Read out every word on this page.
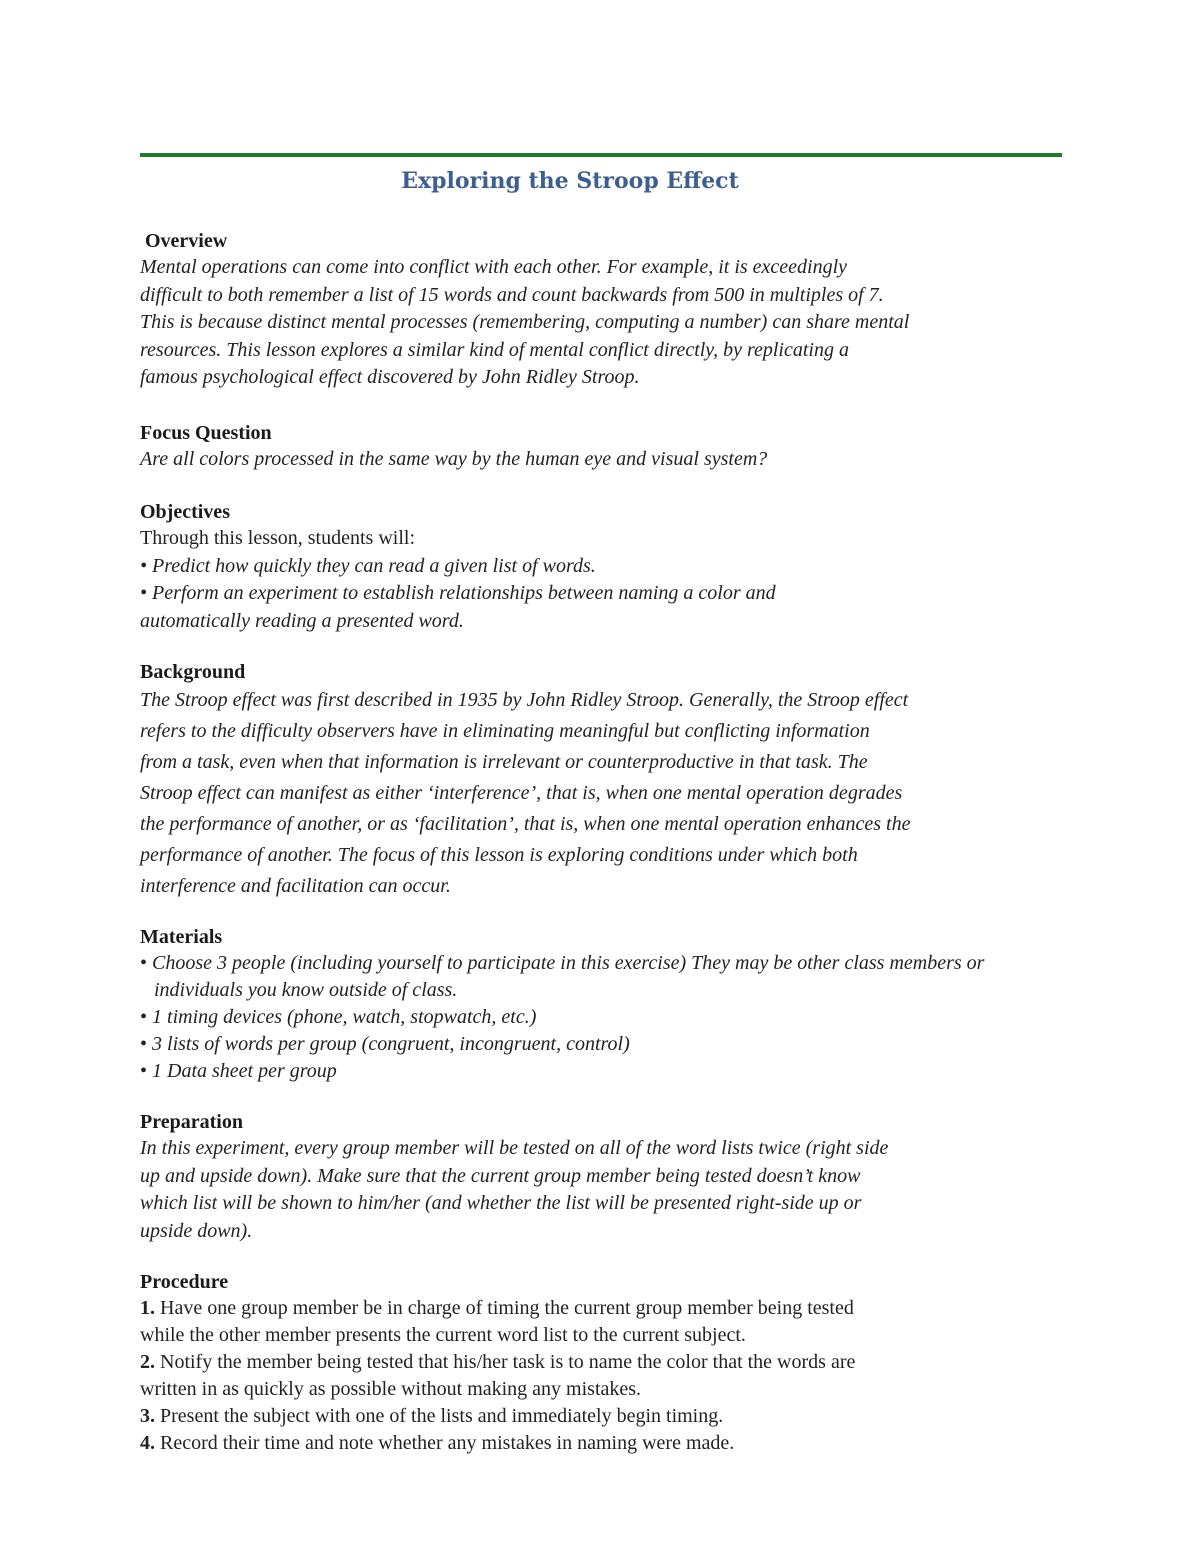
Exploring the Stroop Effect
Overview

Mental operations can come into conflict with each other. For example, it is exceedingly
difficult to both remember a list of 15 words and count backwards from 500 in multiples of 7.
This is because distinct mental processes (remembering, computing a number) can share mental
resources. This lesson explores a similar kind of mental conflict directly, by replicating a
famous psychological effect discovered by John Ridley Stroop.

Focus Question

Are all colors processed in the same way by the human eye and visual system?

Objectives

Through this lesson, students will:

• Predict how quickly they can read a given list of words.
• Perform an experiment to establish relationships between naming a color and
automatically reading a presented word.

Background

The Stroop effect was first described in 1935 by John Ridley Stroop. Generally, the Stroop effect
refers to the difficulty observers have in eliminating meaningful but conflicting information
from a task, even when that information is irrelevant or counterproductive in that task. The
Stroop effect can manifest as either ‘interference’, that is, when one mental operation degrades
the performance of another, or as ‘facilitation’, that is, when one mental operation enhances the
performance of another. The focus of this lesson is exploring conditions under which both
interference and facilitation can occur.

Materials
• Choose 3 people (including yourself to participate in this exercise) They may be other class members or individuals you know outside of class.
• 1 timing devices (phone, watch, stopwatch, etc.)
• 3 lists of words per group (congruent, incongruent, control)
• 1 Data sheet per group
Preparation

In this experiment, every group member will be tested on all of the word lists twice (right side
up and upside down). Make sure that the current group member being tested doesn’t know
which list will be shown to him/her (and whether the list will be presented right-side up or
upside down).

Procedure
1. Have one group member be in charge of timing the current group member being tested
while the other member presents the current word list to the current subject.
2. Notify the member being tested that his/her task is to name the color that the words are
written in as quickly as possible without making any mistakes.
3. Present the subject with one of the lists and immediately begin timing.
4. Record their time and note whether any mistakes in naming were made.
